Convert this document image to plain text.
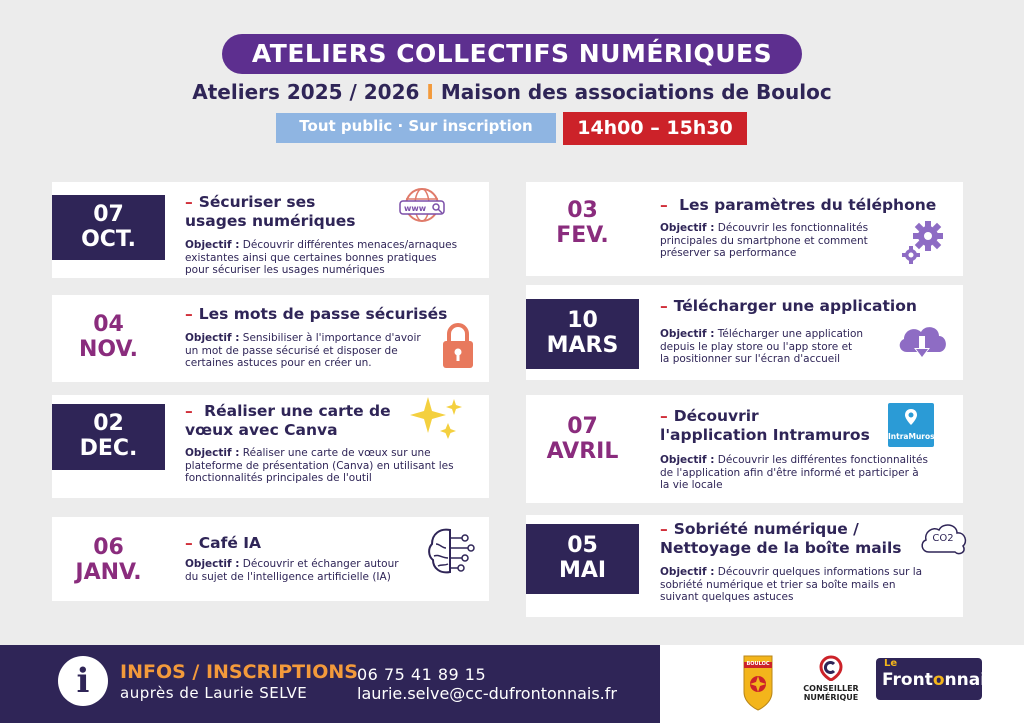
ATELIERS COLLECTIFS NUMÉRIQUES
Ateliers 2025 / 2026 I Maison des associations de Bouloc
Tout public · Sur inscription	14h00 – 15h30
07
OCT.
– Sécuriser ses
usages numériques
Objectif : Découvrir différentes menaces/arnaques
existantes ainsi que certaines bonnes pratiques
pour sécuriser les usages numériques
www
04
NOV.
– Les mots de passe sécurisés
Objectif : Sensibiliser à l'importance d'avoir
un mot de passe sécurisé et disposer de
certaines astuces pour en créer un.
02
DEC.
– Réaliser une carte de
vœux avec Canva
Objectif : Réaliser une carte de vœux sur une
plateforme de présentation (Canva) en utilisant les
fonctionnalités principales de l'outil
06
JANV.
– Café IA
Objectif : Découvrir et échanger autour
du sujet de l'intelligence artificielle (IA)
03
FEV.
– Les paramètres du téléphone
Objectif : Découvrir les fonctionnalités
principales du smartphone et comment
préserver sa performance
10
MARS
– Télécharger une application
Objectif : Télécharger une application
depuis le play store ou l'app store et
la positionner sur l'écran d'accueil
07
AVRIL
– Découvrir
l'application Intramuros
Objectif : Découvrir les différentes fonctionnalités
de l'application afin d'être informé et participer à
la vie locale
IntraMuros
05
MAI
– Sobriété numérique /
Nettoyage de la boîte mails
Objectif : Découvrir quelques informations sur la
sobriété numérique et trier sa boîte mails en
suivant quelques astuces
CO2
i	INFOS / INSCRIPTIONS
auprès de Laurie SELVE
06 75 41 89 15
laurie.selve@cc-dufrontonnais.fr
BOULOC
CONSEILLER
NUMÉRIQUE
Le
Frontonnais
